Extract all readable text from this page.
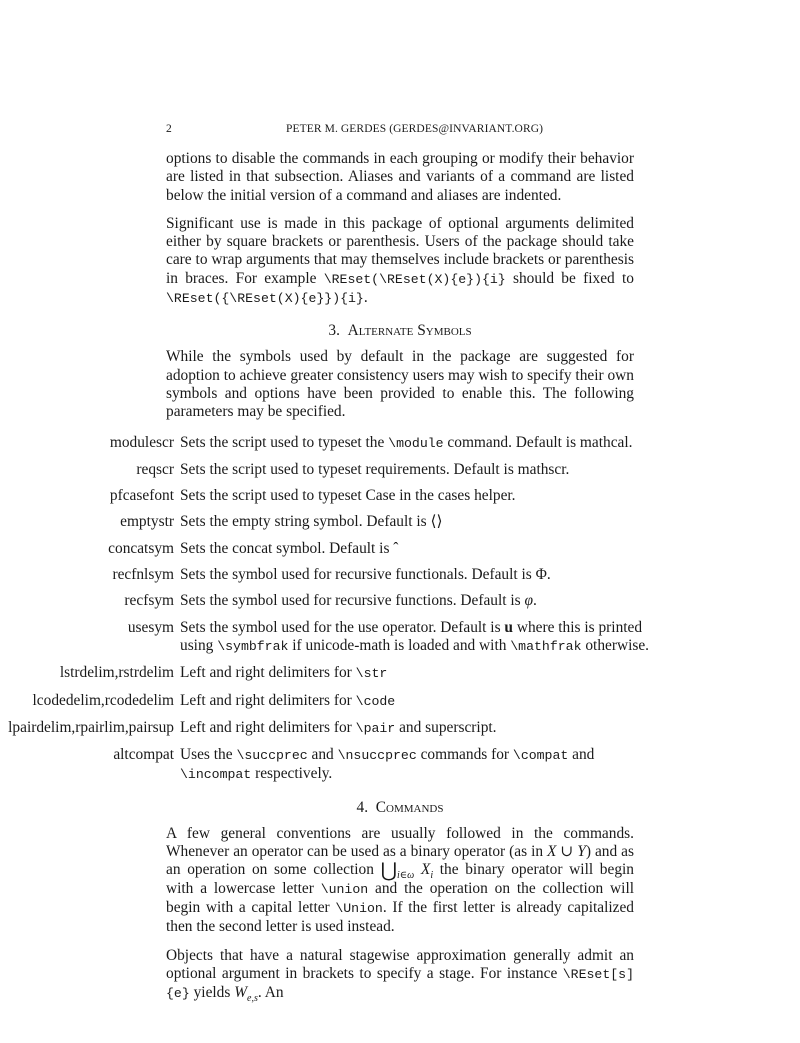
2	PETER M. GERDES (GERDES@INVARIANT.ORG)

options to disable the commands in each grouping or modify their behavior are listed in that subsection. Aliases and variants of a command are listed below the initial version of a command and aliases are indented.

Significant use is made in this package of optional arguments delimited either by square brackets or parenthesis. Users of the package should take care to wrap arguments that may themselves include brackets or parenthesis in braces. For example \REset(\REset(X){e}){i} should be fixed to \REset({\REset(X){e}}){i}.

3. Alternate Symbols

While the symbols used by default in the package are suggested for adoption to achieve greater consistency users may wish to specify their own symbols and options have been provided to enable this. The following parameters may be specified.

modulescr Sets the script used to typeset the \module command. Default is mathcal.
reqscr Sets the script used to typeset requirements. Default is mathscr.
pfcasefont Sets the script used to typeset Case in the cases helper.
emptystr Sets the empty string symbol. Default is ⟨⟩
concatsym Sets the concat symbol. Default is ˆ
recfnlsym Sets the symbol used for recursive functionals. Default is Φ.
recfsym Sets the symbol used for recursive functions. Default is φ.
usesym Sets the symbol used for the use operator. Default is u where this is printed using \symbfrak if unicode-math is loaded and with \mathfrak otherwise.
lstrdelim,rstrdelim Left and right delimiters for \str
lcodedelim,rcodedelim Left and right delimiters for \code
lpairdelim,rpairlim,pairsup Left and right delimiters for \pair and superscript.
altcompat Uses the \succprec and \nsuccprec commands for \compat and \incompat respectively.
4. Commands

A few general conventions are usually followed in the commands. Whenever an operator can be used as a binary operator (as in X ∪ Y) and as an operation on some collection $⋃_{i\in\omega}$ $X_i$ the binary operator will begin with a lowercase letter \union and the operation on the collection will begin with a capital letter \Union. If the first letter is already capitalized then the second letter is used instead.

Objects that have a natural stagewise approximation generally admit an optional argument in brackets to specify a stage. For instance \REset[s]{e} yields $W_{e,s}$. An
